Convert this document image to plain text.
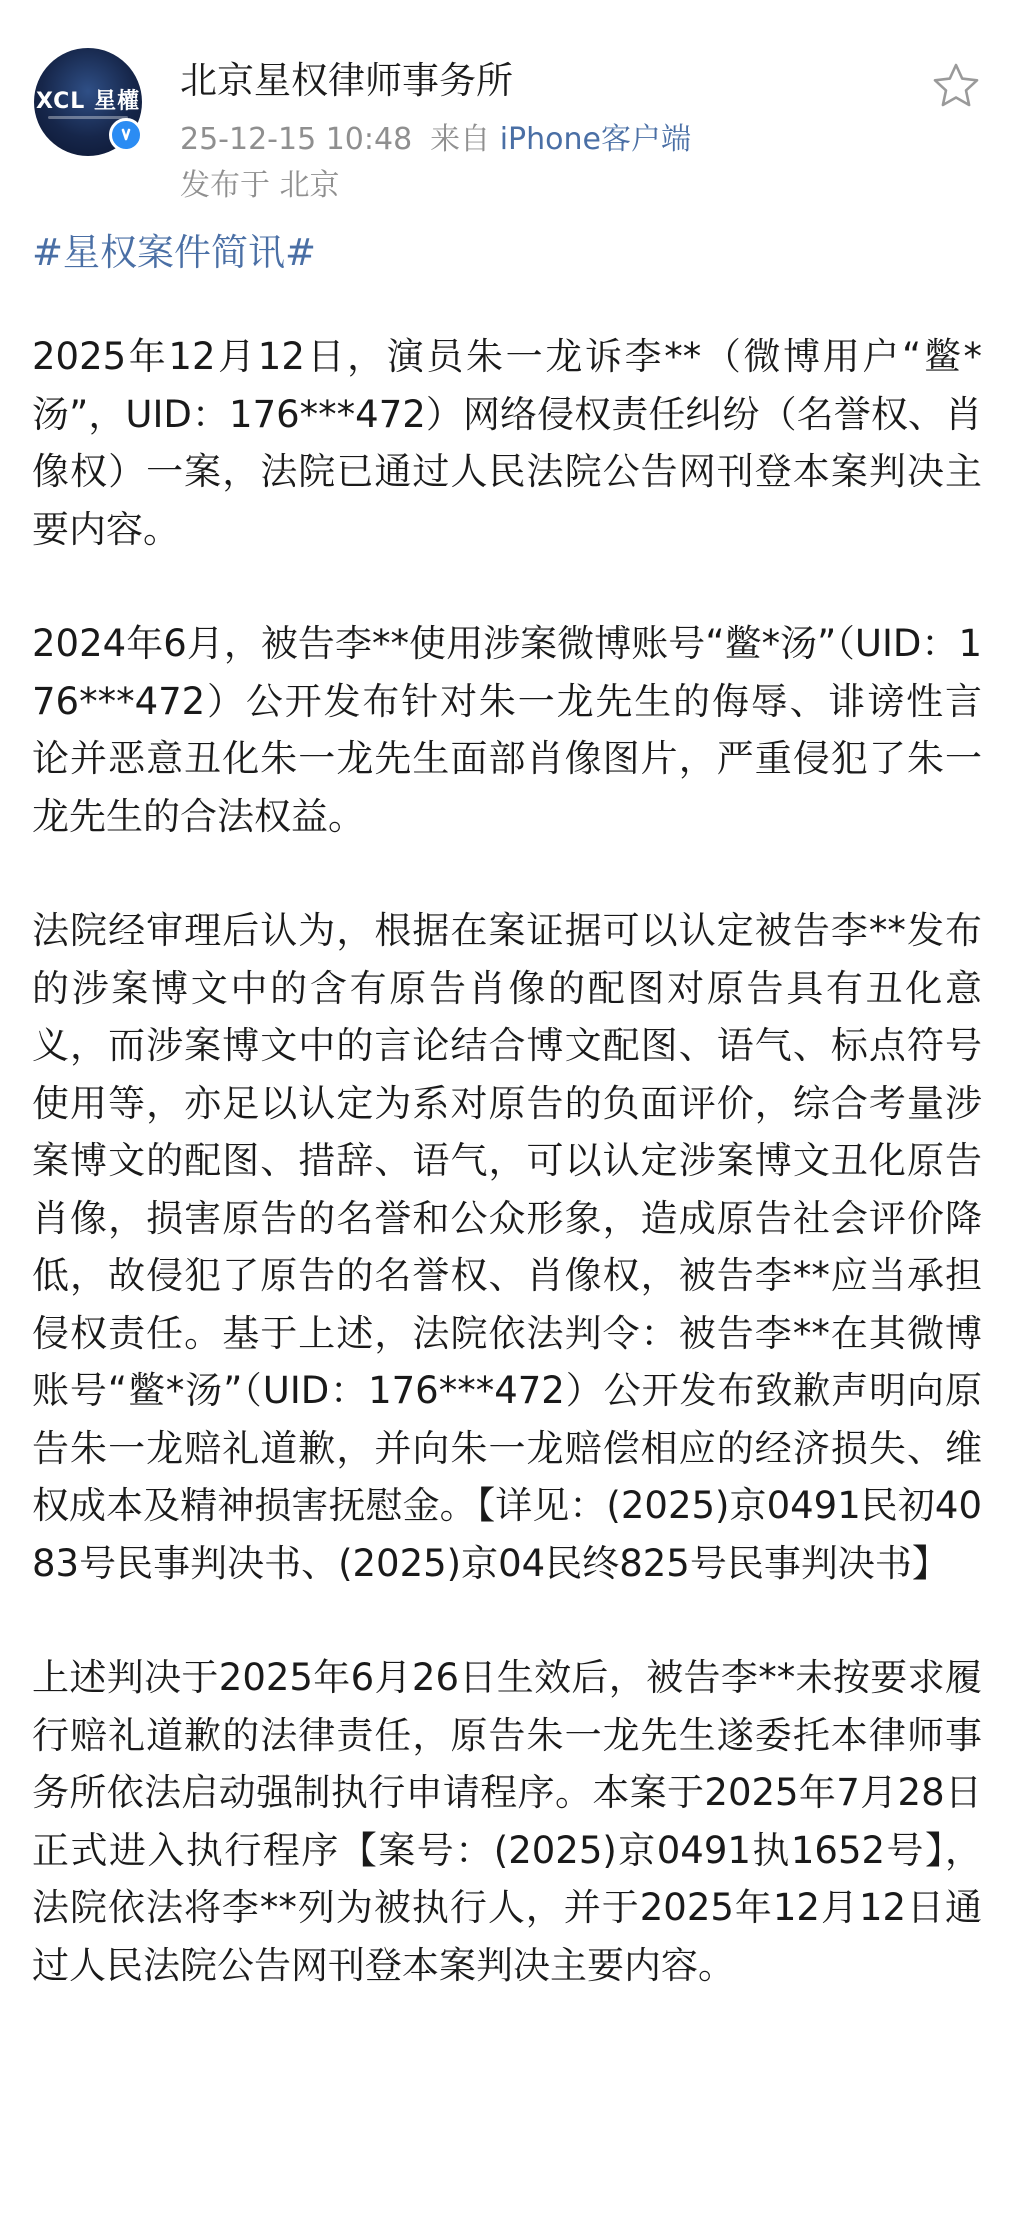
XCL 星權 北京星权律师事务所
25-12-15 10:48 来自 iPhone客户端
发布于 北京
#星权案件简讯#
2025年12月12日，演员朱一龙诉李**（微博用户“鳖*汤”，UID：176***472）网络侵权责任纠纷（名誉权、肖像权）一案，法院已通过人民法院公告网刊登本案判决主要内容。
2024年6月，被告李**使用涉案微博账号“鳖*汤”（UID：176***472）公开发布针对朱一龙先生的侮辱、诽谤性言论并恶意丑化朱一龙先生面部肖像图片，严重侵犯了朱一龙先生的合法权益。
法院经审理后认为，根据在案证据可以认定被告李**发布的涉案博文中的含有原告肖像的配图对原告具有丑化意义，而涉案博文中的言论结合博文配图、语气、标点符号使用等，亦足以认定为系对原告的负面评价，综合考量涉案博文的配图、措辞、语气，可以认定涉案博文丑化原告肖像，损害原告的名誉和公众形象，造成原告社会评价降低，故侵犯了原告的名誉权、肖像权，被告李**应当承担侵权责任。基于上述，法院依法判令：被告李**在其微博账号“鳖*汤”（UID：176***472）公开发布致歉声明向原告朱一龙赔礼道歉，并向朱一龙赔偿相应的经济损失、维权成本及精神损害抚慰金。【详见：(2025)京0491民初4083号民事判决书、(2025)京04民终825号民事判决书】
上述判决于2025年6月26日生效后，被告李**未按要求履行赔礼道歉的法律责任，原告朱一龙先生遂委托本律师事务所依法启动强制执行申请程序。本案于2025年7月28日正式进入执行程序【案号：(2025)京0491执1652号】，法院依法将李**列为被执行人，并于2025年12月12日通过人民法院公告网刊登本案判决主要内容。
